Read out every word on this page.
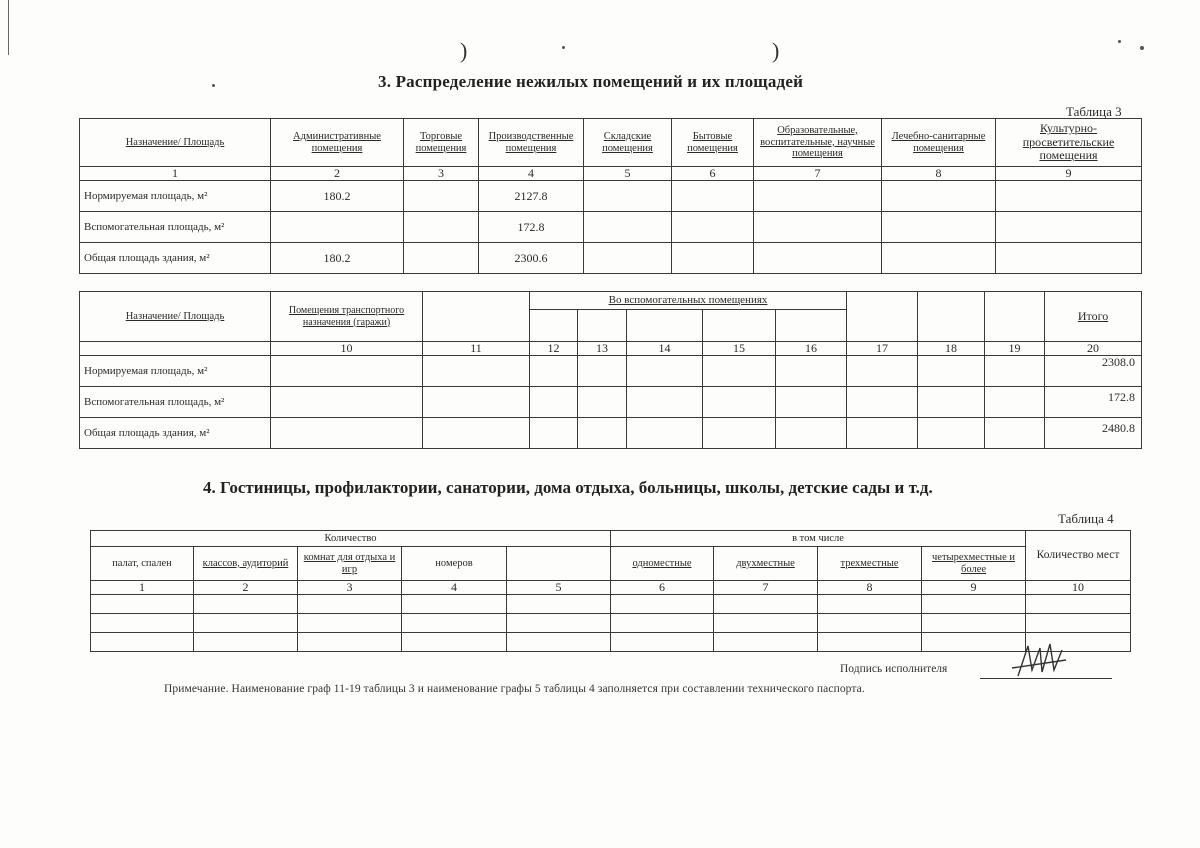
)	)
3. Распределение нежилых помещений и их площадей
Таблица 3
Назначение/ Площадь	Административные помещения	Торговые помещения	Производственные помещения	Складские помещения	Бытовые помещения	Образовательные, воспитательные, научные помещения	Лечебно-санитарные помещения	Культурно-просветительские помещения
1	2	3	4	5	6	7	8	9
Нормируемая площадь, м²	180.2		2127.8					
Вспомогательная площадь, м²			172.8					
Общая площадь здания, м²	180.2		2300.6					
Назначение/ Площадь	Помещения транспортного назначения (гаражи)		Во вспомогательных помещениях								Итого

	10	11	12	13	14	15	16	17	18	19	20
Нормируемая площадь, м²											2308.0
Вспомогательная площадь, м²											172.8
Общая площадь здания, м²											2480.8
4. Гостиницы, профилактории, санатории, дома отдыха, больницы, школы, детские сады и т.д.
Таблица 4
Количество					в том числе				Количество мест
палат, спален	классов, аудиторий	комнат для отдыха и игр	номеров		одноместные	двухместные	трехместные	четырехместные и более	
1	2	3	4	5	6	7	8	9	10

Подпись исполнителя
Примечание. Наименование граф 11-19 таблицы 3 и наименование графы 5 таблицы 4 заполняется при составлении технического паспорта.
